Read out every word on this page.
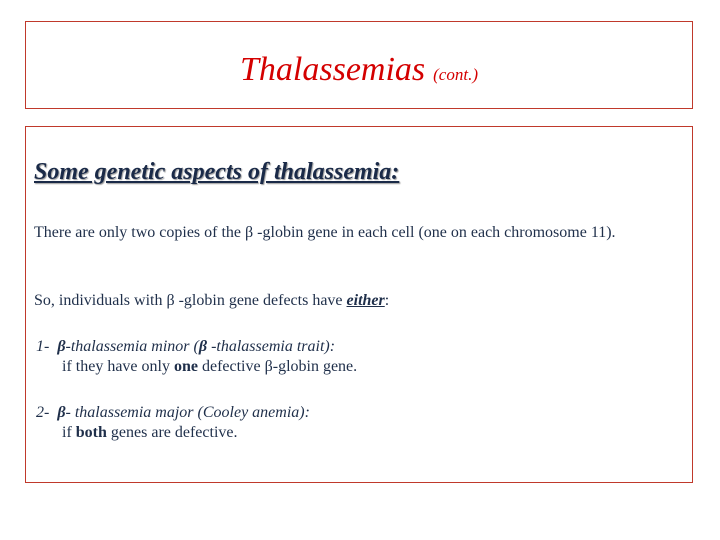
Thalassemias (cont.)
Some genetic aspects of thalassemia:
There are only two copies of the β -globin gene in each cell (one on each chromosome 11).
So, individuals with β -globin gene defects have either:
1- β-thalassemia minor (β -thalassemia trait):
if they have only one defective β-globin gene.
2- β- thalassemia major (Cooley anemia):
if both genes are defective.
